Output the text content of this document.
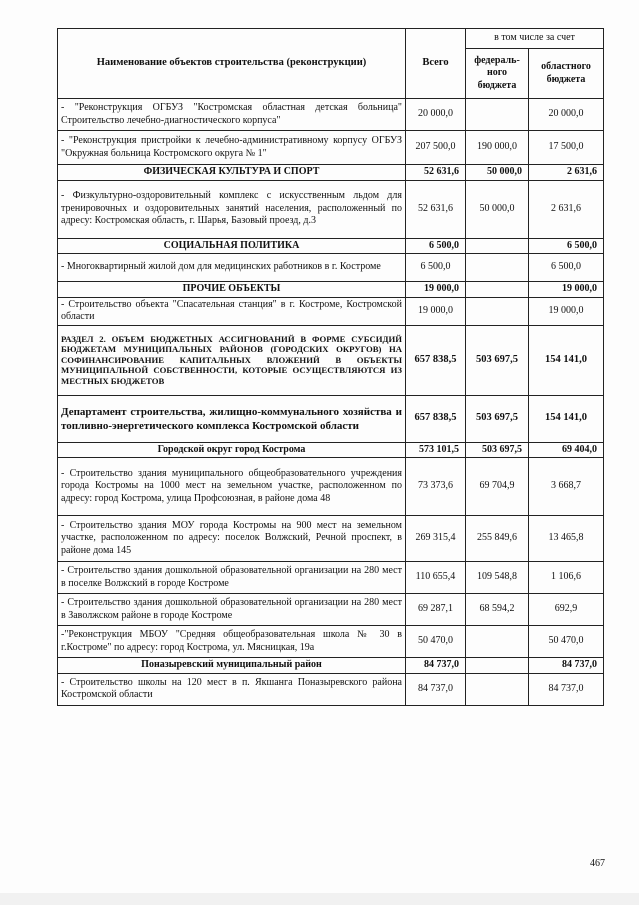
Наименование объектов строительства (реконструкции)	Всего	в том числе за счет	
		федераль-ного бюджета	областного бюджета
- "Реконструкция ОГБУЗ "Костромская областная детская больница" Строительство лечебно-диагностического корпуса"	20 000,0		20 000,0
- "Реконструкция пристройки к лечебно-административному корпусу ОГБУЗ "Окружная больница Костромского округа № 1"	207 500,0	190 000,0	17 500,0
ФИЗИЧЕСКАЯ КУЛЬТУРА И СПОРТ	52 631,6	50 000,0	2 631,6
- Физкультурно-оздоровительный комплекс с искусственным льдом для тренировочных и оздоровительных занятий населения, расположенный по адресу: Костромская область, г. Шарья, Базовый проезд, д.3	52 631,6	50 000,0	2 631,6
СОЦИАЛЬНАЯ ПОЛИТИКА	6 500,0		6 500,0
- Многоквартирный жилой дом для медицинских работников в г. Костроме	6 500,0		6 500,0
ПРОЧИЕ ОБЪЕКТЫ	19 000,0		19 000,0
- Строительство объекта "Спасательная станция" в г. Костроме, Костромской области	19 000,0		19 000,0
РАЗДЕЛ 2. ОБЪЕМ БЮДЖЕТНЫХ АССИГНОВАНИЙ В ФОРМЕ СУБСИДИЙ БЮДЖЕТАМ МУНИЦИПАЛЬНЫХ РАЙОНОВ (ГОРОДСКИХ ОКРУГОВ) НА СОФИНАНСИРОВАНИЕ КАПИТАЛЬНЫХ ВЛОЖЕНИЙ В ОБЪЕКТЫ МУНИЦИПАЛЬНОЙ СОБСТВЕННОСТИ, КОТОРЫЕ ОСУЩЕСТВЛЯЮТСЯ ИЗ МЕСТНЫХ БЮДЖЕТОВ	657 838,5	503 697,5	154 141,0
Департамент строительства, жилищно-коммунального хозяйства и топливно-энергетического комплекса Костромской области	657 838,5	503 697,5	154 141,0
Городской округ город Кострома	573 101,5	503 697,5	69 404,0
- Строительство здания муниципального общеобразовательного учреждения города Костромы на 1000 мест на земельном участке, расположенном по адресу: город Кострома, улица Профсоюзная, в районе дома 48	73 373,6	69 704,9	3 668,7
- Строительство здания МОУ города Костромы на 900 мест на земельном участке, расположенном по адресу: поселок Волжский, Речной проспект, в районе дома 145	269 315,4	255 849,6	13 465,8
- Строительство здания дошкольной образовательной организации на 280 мест в поселке Волжский в городе Костроме	110 655,4	109 548,8	1 106,6
- Строительство здания дошкольной образовательной организации на 280 мест в Заволжском районе в городе Костроме	69 287,1	68 594,2	692,9
-"Реконструкция МБОУ "Средняя общеобразовательная школа № 30 в г.Костроме" по адресу: город Кострома, ул. Мясницкая, 19а	50 470,0		50 470,0
Поназыревский муниципальный район	84 737,0		84 737,0
- Строительство школы на 120 мест в п. Якшанга Поназыревского района Костромской области	84 737,0		84 737,0
467
